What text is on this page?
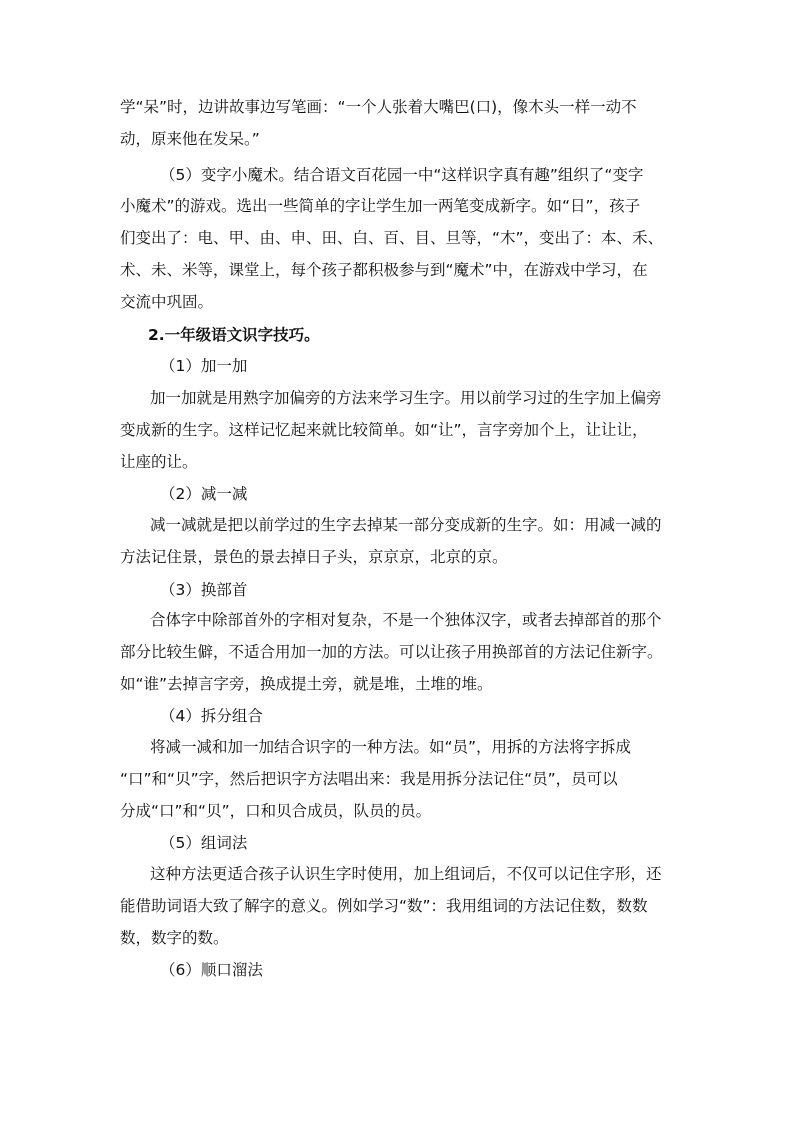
学“呆”时，边讲故事边写笔画：“一个人张着大嘴巴(口)，像木头一样一动不
动，原来他在发呆。”
（5）变字小魔术。结合语文百花园一中“这样识字真有趣”组织了“变字
小魔术”的游戏。选出一些简单的字让学生加一两笔变成新字。如“日”，孩子
们变出了：电、甲、由、申、田、白、百、目、旦等，“木”，变出了：本、禾、
术、未、米等，课堂上，每个孩子都积极参与到“魔术”中，在游戏中学习，在
交流中巩固。
2.一年级语文识字技巧。
（1）加一加
加一加就是用熟字加偏旁的方法来学习生字。用以前学习过的生字加上偏旁
变成新的生字。这样记忆起来就比较简单。如“让”，言字旁加个上，让让让，
让座的让。
（2）减一减
减一减就是把以前学过的生字去掉某一部分变成新的生字。如：用减一减的
方法记住景，景色的景去掉日子头，京京京，北京的京。
（3）换部首
合体字中除部首外的字相对复杂，不是一个独体汉字，或者去掉部首的那个
部分比较生僻，不适合用加一加的方法。可以让孩子用换部首的方法记住新字。
如“谁”去掉言字旁，换成提土旁，就是堆，土堆的堆。
（4）拆分组合
将减一减和加一加结合识字的一种方法。如“员”，用拆的方法将字拆成
“口”和“贝”字，然后把识字方法唱出来：我是用拆分法记住“员”，员可以
分成“口”和“贝”，口和贝合成员，队员的员。
（5）组词法
这种方法更适合孩子认识生字时使用，加上组词后，不仅可以记住字形，还
能借助词语大致了解字的意义。例如学习“数”：我用组词的方法记住数，数数
数，数字的数。
（6）顺口溜法
